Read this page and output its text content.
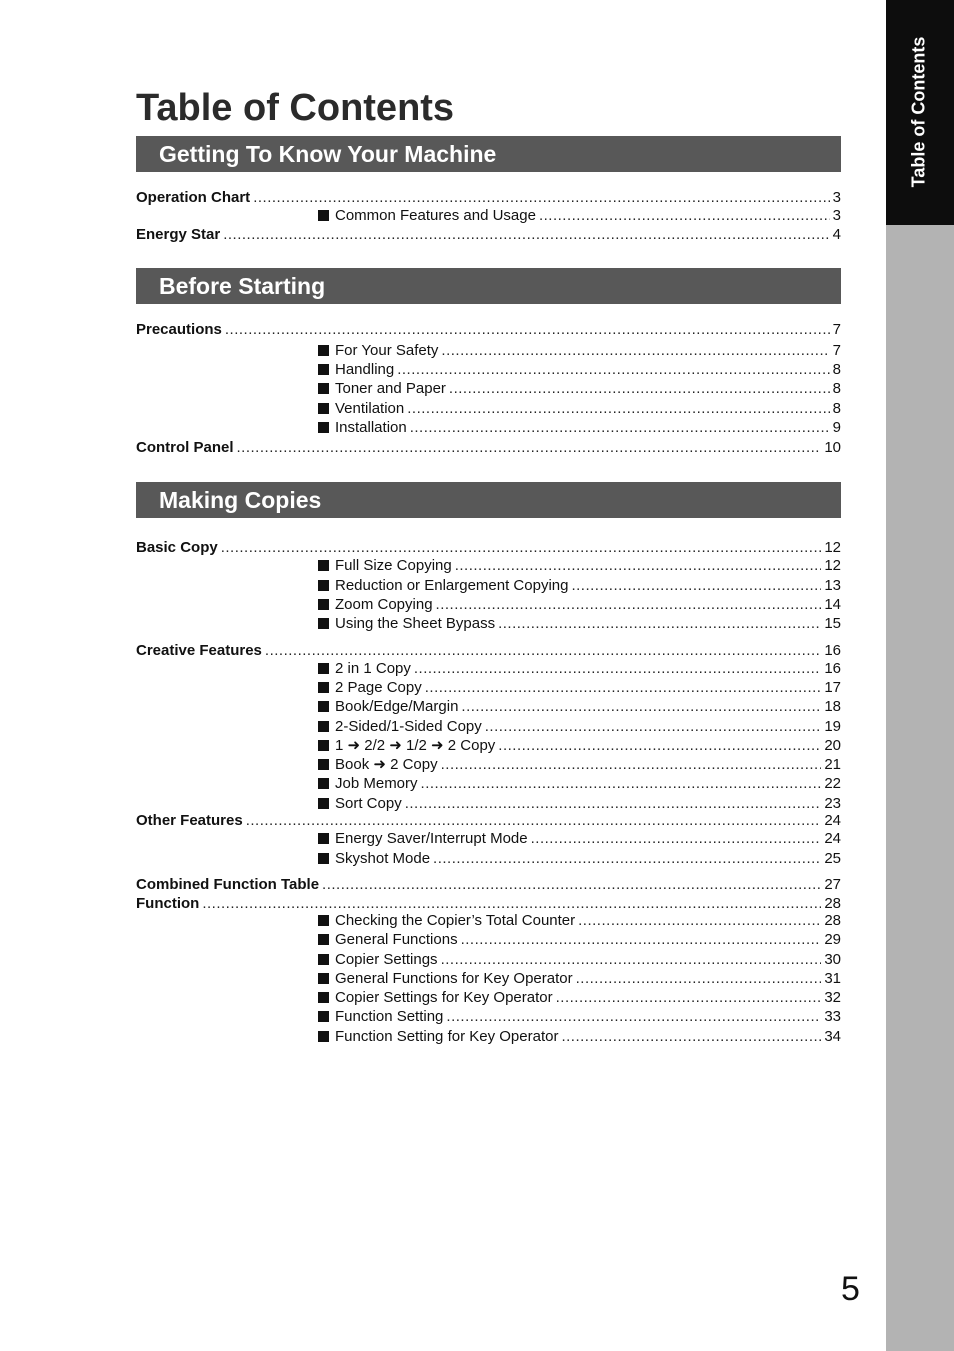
Table of Contents
Table of Contents
Getting To Know Your Machine
Operation Chart .....	3
Common Features and Usage .....	3
Energy Star .....	4
Before Starting
Precautions .....	7
For Your Safety .....	7
Handling .....	8
Toner and Paper .....	8
Ventilation .....	8
Installation .....	9
Control Panel .....	10
Making Copies
Basic Copy .....	12
Full Size Copying .....	12
Reduction or Enlargement Copying .....	13
Zoom Copying .....	14
Using the Sheet Bypass .....	15
Creative Features .....	16
2 in 1 Copy .....	16
2 Page Copy .....	17
Book/Edge/Margin .....	18
2-Sided/1-Sided Copy .....	19
1 ➜ 2/2 ➜ 1/2 ➜ 2 Copy .....	20
Book ➜ 2 Copy .....	21
Job Memory .....	22
Sort Copy .....	23
Other Features .....	24
Energy Saver/Interrupt Mode .....	24
Skyshot Mode .....	25
Combined Function Table .....	27
Function .....	28
Checking the Copier’s Total Counter .....	28
General Functions .....	29
Copier Settings .....	30
General Functions for Key Operator .....	31
Copier Settings for Key Operator .....	32
Function Setting .....	33
Function Setting for Key Operator .....	34
5
